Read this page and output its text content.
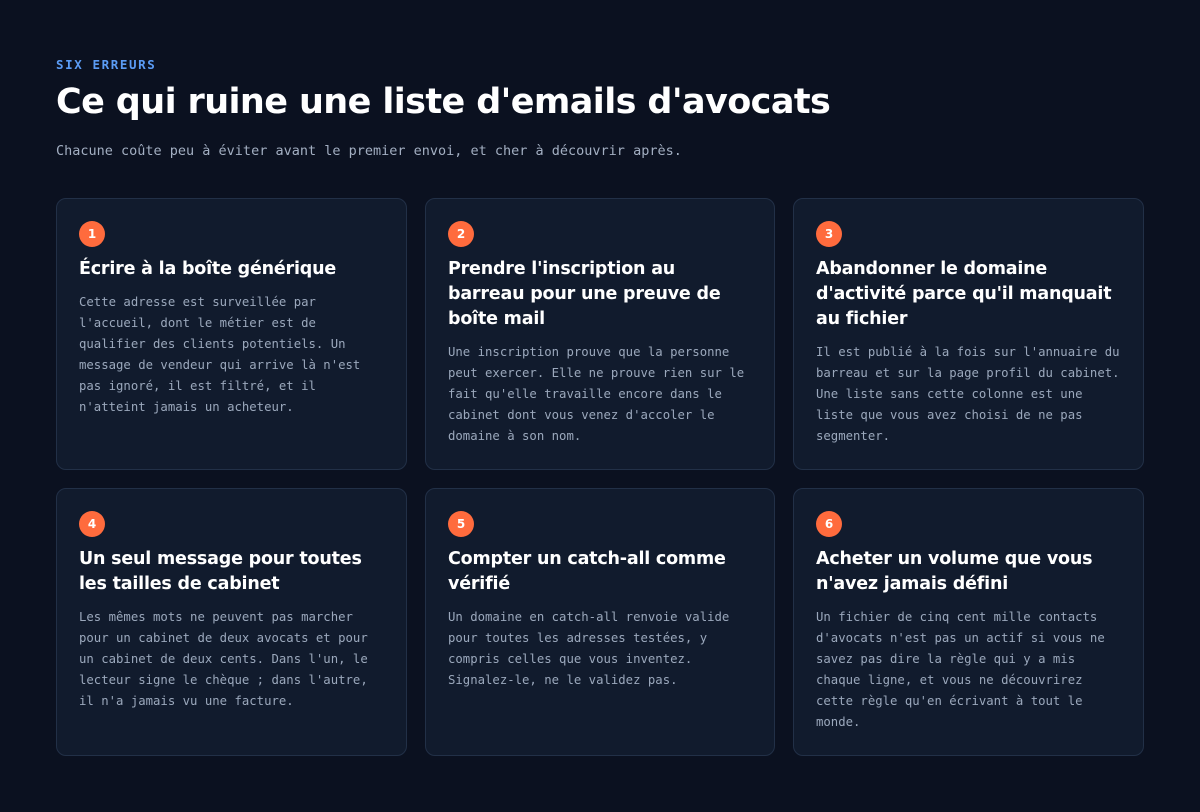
SIX ERREURS
Ce qui ruine une liste d'emails d'avocats
Chacune coûte peu à éviter avant le premier envoi, et cher à découvrir après.
1
Écrire à la boîte générique

Cette adresse est surveillée par l'accueil, dont le métier est de qualifier des clients potentiels. Un message de vendeur qui arrive là n'est pas ignoré, il est filtré, et il n'atteint jamais un acheteur.

2
Prendre l'inscription au barreau pour une preuve de boîte mail

Une inscription prouve que la personne peut exercer. Elle ne prouve rien sur le fait qu'elle travaille encore dans le cabinet dont vous venez d'accoler le domaine à son nom.

3
Abandonner le domaine d'activité parce qu'il manquait au fichier

Il est publié à la fois sur l'annuaire du barreau et sur la page profil du cabinet. Une liste sans cette colonne est une liste que vous avez choisi de ne pas segmenter.

4
Un seul message pour toutes les tailles de cabinet

Les mêmes mots ne peuvent pas marcher pour un cabinet de deux avocats et pour un cabinet de deux cents. Dans l'un, le lecteur signe le chèque ; dans l'autre, il n'a jamais vu une facture.

5
Compter un catch-all comme vérifié

Un domaine en catch-all renvoie valide pour toutes les adresses testées, y compris celles que vous inventez. Signalez-le, ne le validez pas.

6
Acheter un volume que vous n'avez jamais défini

Un fichier de cinq cent mille contacts d'avocats n'est pas un actif si vous ne savez pas dire la règle qui y a mis chaque ligne, et vous ne découvrirez cette règle qu'en écrivant à tout le monde.
